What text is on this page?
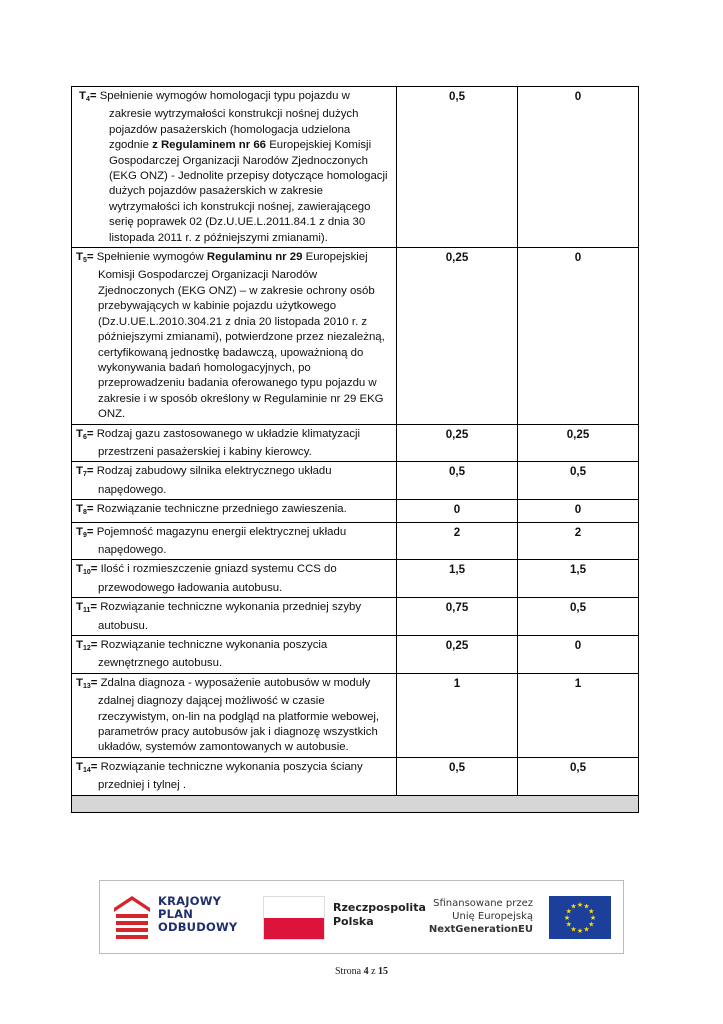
$T_4=$ Spełnienie wymogów homologacji typu pojazdu w zakresie wytrzymałości konstrukcji nośnej dużych pojazdów pasażerskich (homologacja udzielona zgodnie z Regulaminem nr 66 Europejskiej Komisji Gospodarczej Organizacji Narodów Zjednoczonych (EKG ONZ) - Jednolite przepisy dotyczące homologacji dużych pojazdów pasażerskich w zakresie wytrzymałości ich konstrukcji nośnej, zawierającego serię poprawek 02 (Dz.U.UE.L.2011.84.1 z dnia 30 listopada 2011 r. z późniejszymi zmianami).	0,5	0

$T_5=$ Spełnienie wymogów Regulaminu nr 29 Europejskiej Komisji Gospodarczej Organizacji Narodów Zjednoczonych (EKG ONZ) – w zakresie ochrony osób przebywających w kabinie pojazdu użytkowego (Dz.U.UE.L.2010.304.21 z dnia 20 listopada 2010 r. z późniejszymi zmianami), potwierdzone przez niezależną, certyfikowaną jednostkę badawczą, upoważnioną do wykonywania badań homologacyjnych, po przeprowadzeniu badania oferowanego typu pojazdu w zakresie i w sposób określony w Regulaminie nr 29 EKG ONZ.	0,25	0

$T_6=$ Rodzaj gazu zastosowanego w układzie klimatyzacji przestrzeni pasażerskiej i kabiny kierowcy.	0,25	0,25

$T_7=$ Rodzaj zabudowy silnika elektrycznego układu napędowego.	0,5	0,5

$T_8=$ Rozwiązanie techniczne przedniego zawieszenia.	0	0

$T_9=$ Pojemność magazynu energii elektrycznej układu napędowego.	2	2

$T_{10}=$ Ilość i rozmieszczenie gniazd systemu CCS do przewodowego ładowania autobusu.	1,5	1,5

$T_{11}=$ Rozwiązanie techniczne wykonania przedniej szyby autobusu.	0,75	0,5

$T_{12}=$ Rozwiązanie techniczne wykonania poszycia zewnętrznego autobusu.	0,25	0

$T_{13}= Zdalna$ diagnoza - wyposażenie autobusów w moduły zdalnej diagnozy dającej możliwość w czasie rzeczywistym, on-lin na podgląd na platformie webowej, parametrów pracy autobusów jak i diagnozę wszystkich układów, systemów zamontowanych w autobusie.	1	1

$T_{14}=$ Rozwiązanie techniczne wykonania poszycia ściany przedniej i tylnej .	0,5	0,5

KRAJOWY
PLAN
ODBUDOWY
Rzeczpospolita
Polska
Sfinansowane przez
Unię Europejską
NextGenerationEU
★ ★
★
★
★
★
★
★
★
★
★
★
Strona 4 z 15
